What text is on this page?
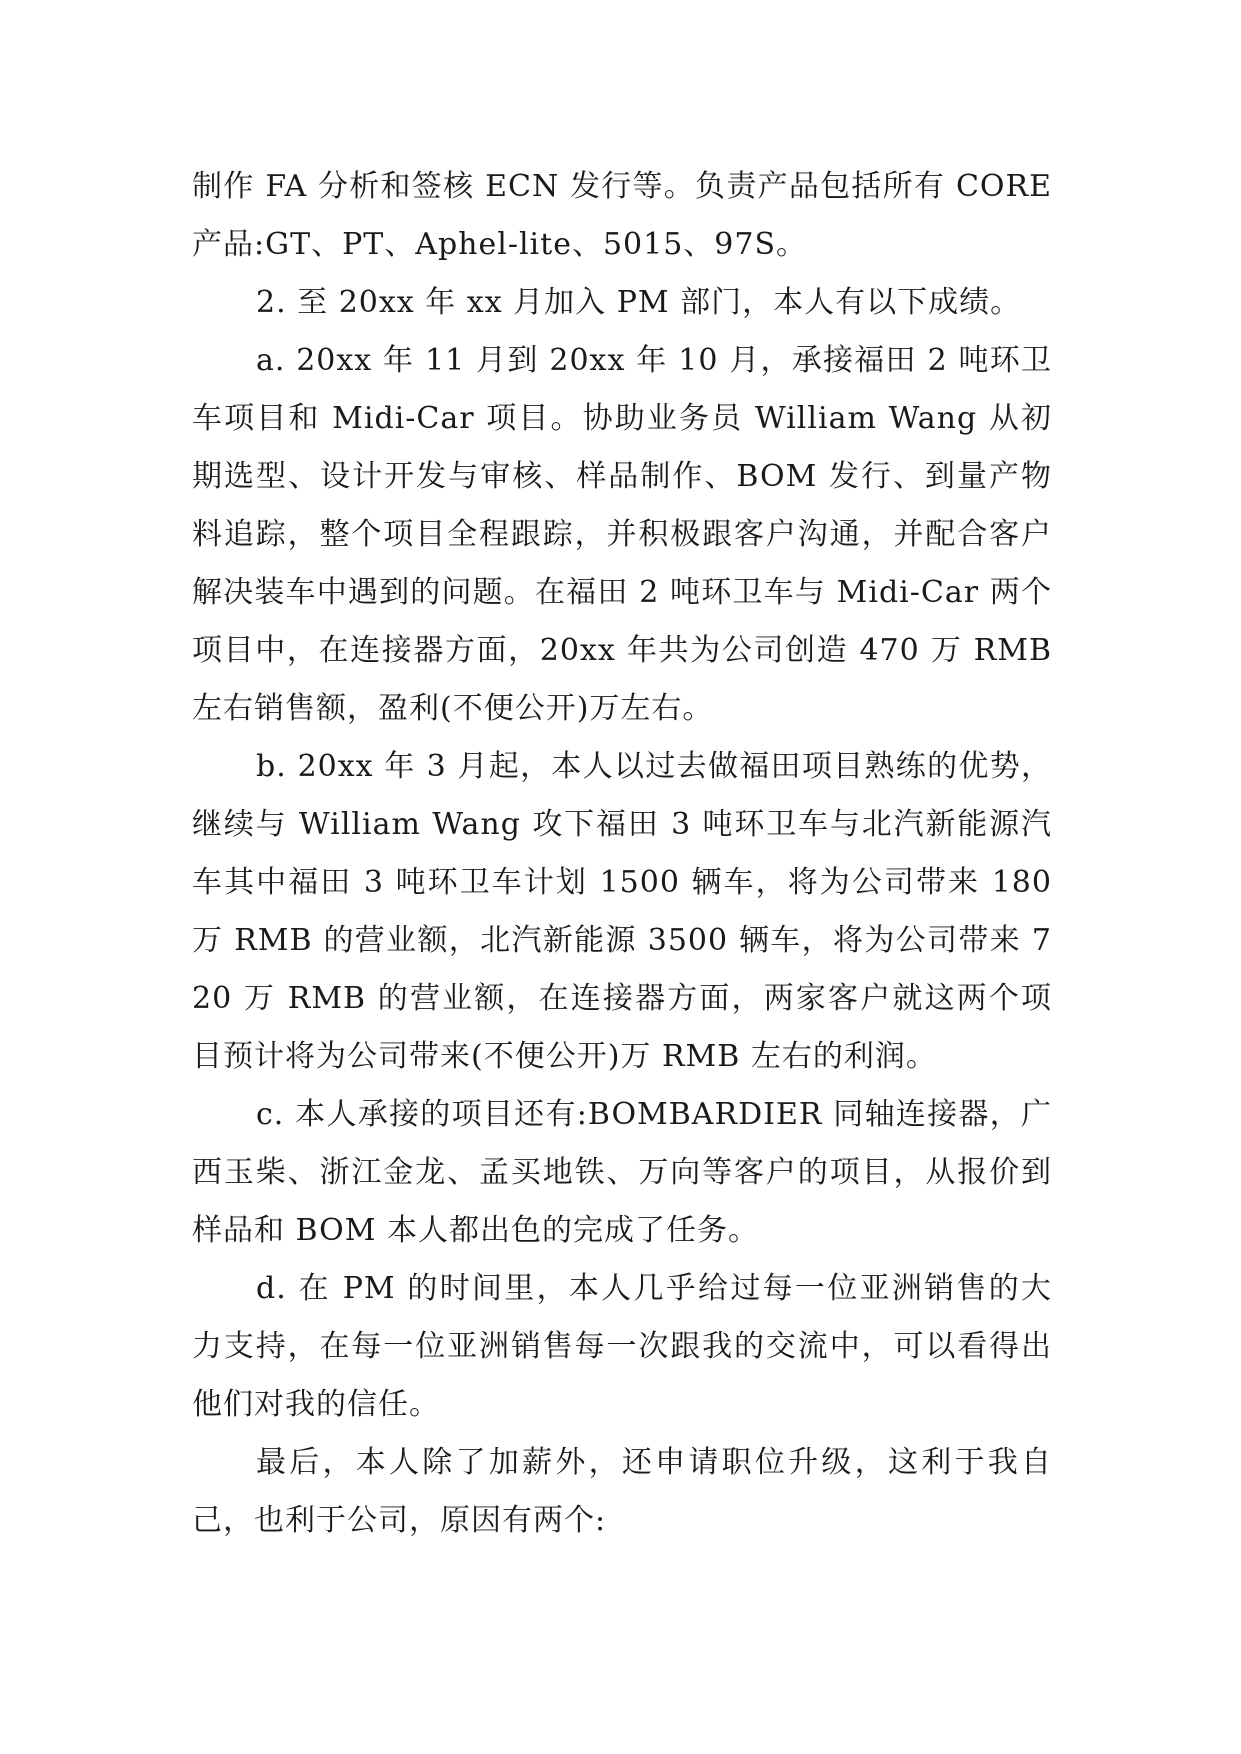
制作 FA 分析和签核 ECN 发行等。负责产品包括所有 CORE 产品:GT、PT、Aphel-lite、5015、97S。

2. 至 20xx 年 xx 月加入 PM 部门，本人有以下成绩。

a. 20xx 年 11 月到 20xx 年 10 月，承接福田 2 吨环卫车项目和 Midi-Car 项目。协助业务员 William Wang 从初期选型、设计开发与审核、样品制作、BOM 发行、到量产物料追踪，整个项目全程跟踪，并积极跟客户沟通，并配合客户解决装车中遇到的问题。在福田 2 吨环卫车与 Midi-Car 两个项目中，在连接器方面，20xx 年共为公司创造 470 万 RMB 左右销售额，盈利(不便公开)万左右。

b. 20xx 年 3 月起，本人以过去做福田项目熟练的优势，继续与 William Wang 攻下福田 3 吨环卫车与北汽新能源汽车其中福田 3 吨环卫车计划 1500 辆车，将为公司带来 180 万 RMB 的营业额，北汽新能源 3500 辆车，将为公司带来 720 万 RMB 的营业额，在连接器方面，两家客户就这两个项目预计将为公司带来(不便公开)万 RMB 左右的利润。

c. 本人承接的项目还有:BOMBARDIER 同轴连接器，广西玉柴、浙江金龙、孟买地铁、万向等客户的项目，从报价到样品和 BOM 本人都出色的完成了任务。

d. 在 PM 的时间里，本人几乎给过每一位亚洲销售的大力支持，在每一位亚洲销售每一次跟我的交流中，可以看得出他们对我的信任。

最后，本人除了加薪外，还申请职位升级，这利于我自己，也利于公司，原因有两个:
